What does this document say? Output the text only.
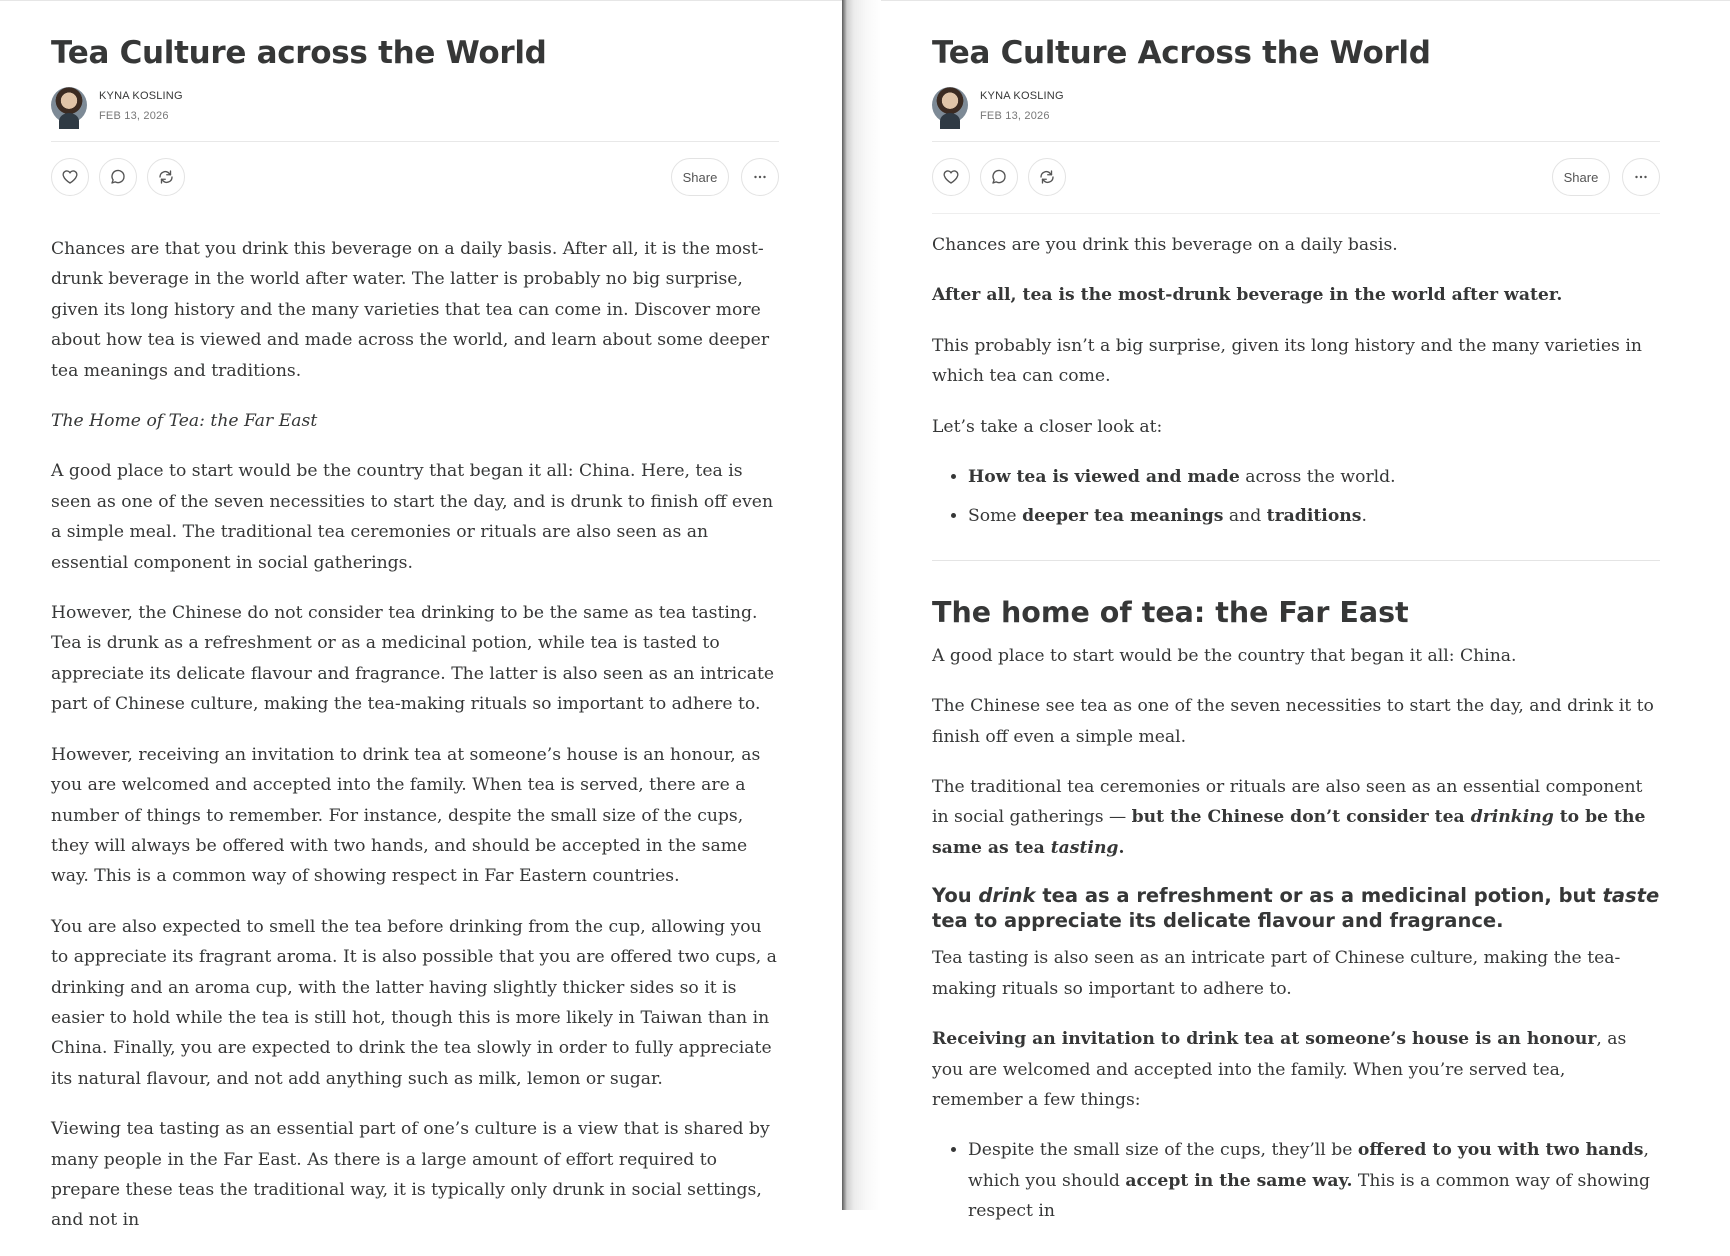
Tea Culture across the World
KYNA KOSLING
FEB 13, 2026
Share

Chances are that you drink this beverage on a daily basis. After all, it is the most-drunk beverage in the world after water. The latter is probably no big surprise, given its long history and the many varieties that tea can come in. Discover more about how tea is viewed and made across the world, and learn about some deeper tea meanings and traditions.

The Home of Tea: the Far East

A good place to start would be the country that began it all: China. Here, tea is seen as one of the seven necessities to start the day, and is drunk to finish off even a simple meal. The traditional tea ceremonies or rituals are also seen as an essential component in social gatherings.

However, the Chinese do not consider tea drinking to be the same as tea tasting. Tea is drunk as a refreshment or as a medicinal potion, while tea is tasted to appreciate its delicate flavour and fragrance. The latter is also seen as an intricate part of Chinese culture, making the tea-making rituals so important to adhere to.

However, receiving an invitation to drink tea at someone’s house is an honour, as you are welcomed and accepted into the family. When tea is served, there are a number of things to remember. For instance, despite the small size of the cups, they will always be offered with two hands, and should be accepted in the same way. This is a common way of showing respect in Far Eastern countries.

You are also expected to smell the tea before drinking from the cup, allowing you to appreciate its fragrant aroma. It is also possible that you are offered two cups, a drinking and an aroma cup, with the latter having slightly thicker sides so it is easier to hold while the tea is still hot, though this is more likely in Taiwan than in China. Finally, you are expected to drink the tea slowly in order to fully appreciate its natural flavour, and not add anything such as milk, lemon or sugar.

Viewing tea tasting as an essential part of one’s culture is a view that is shared by many people in the Far East. As there is a large amount of effort required to prepare these teas the traditional way, it is typically only drunk in social settings, and not in

Tea Culture Across the World
KYNA KOSLING
FEB 13, 2026
Share

Chances are you drink this beverage on a daily basis.

After all, tea is the most-drunk beverage in the world after water.

This probably isn’t a big surprise, given its long history and the many varieties in which tea can come.

Let’s take a closer look at:

• How tea is viewed and made across the world.
• Some deeper tea meanings and traditions.
The home of tea: the Far East

A good place to start would be the country that began it all: China.

The Chinese see tea as one of the seven necessities to start the day, and drink it to finish off even a simple meal.

The traditional tea ceremonies or rituals are also seen as an essential component in social gatherings — but the Chinese don’t consider tea drinking to be the same as tea tasting.

You drink tea as a refreshment or as a medicinal potion, but taste tea to appreciate its delicate flavour and fragrance.

Tea tasting is also seen as an intricate part of Chinese culture, making the tea-making rituals so important to adhere to.

Receiving an invitation to drink tea at someone’s house is an honour, as you are welcomed and accepted into the family. When you’re served tea, remember a few things:

• Despite the small size of the cups, they’ll be offered to you with two hands, which you should accept in the same way. This is a common way of showing respect in
